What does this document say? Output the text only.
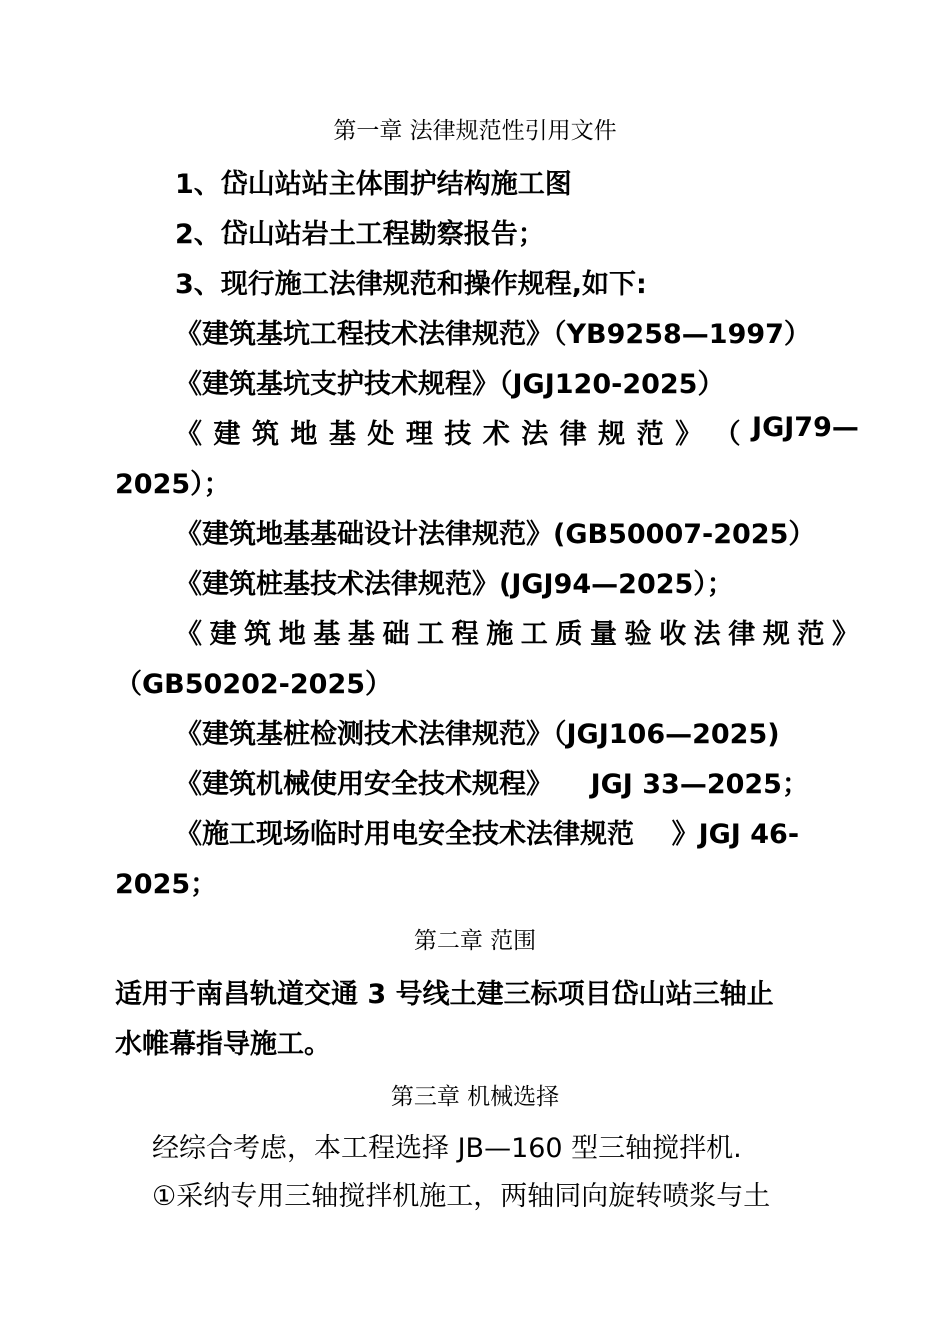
第一章 法律规范性引用文件
1、岱山站站主体围护结构施工图
2、岱山站岩土工程勘察报告；
3、现行施工法律规范和操作规程,如下:
《建筑基坑工程技术法律规范》（YB9258—1997）
《建筑基坑支护技术规程》（JGJ120-2025）
《 建 筑 地 基 处 理 技 术 法 律 规 范 》 （ JGJ79—
2025）；
《建筑地基基础设计法律规范》(GB50007-2025）
《建筑桩基技术法律规范》(JGJ94—2025）；
《 建 筑 地 基 基 础 工 程 施 工 质 量 验 收 法 律 规 范 》
（GB50202-2025）
《建筑基桩检测技术法律规范》（JGJ106—2025)
《建筑机械使用安全技术规程》    JGJ 33—2025；
《施工现场临时用电安全技术法律规范    》JGJ 46-
2025；
第二章 范围
适用于南昌轨道交通 3 号线土建三标项目岱山站三轴止
水帷幕指导施工。
第三章 机械选择
经综合考虑，本工程选择 JB—160 型三轴搅拌机.
①采纳专用三轴搅拌机施工，两轴同向旋转喷浆与土
